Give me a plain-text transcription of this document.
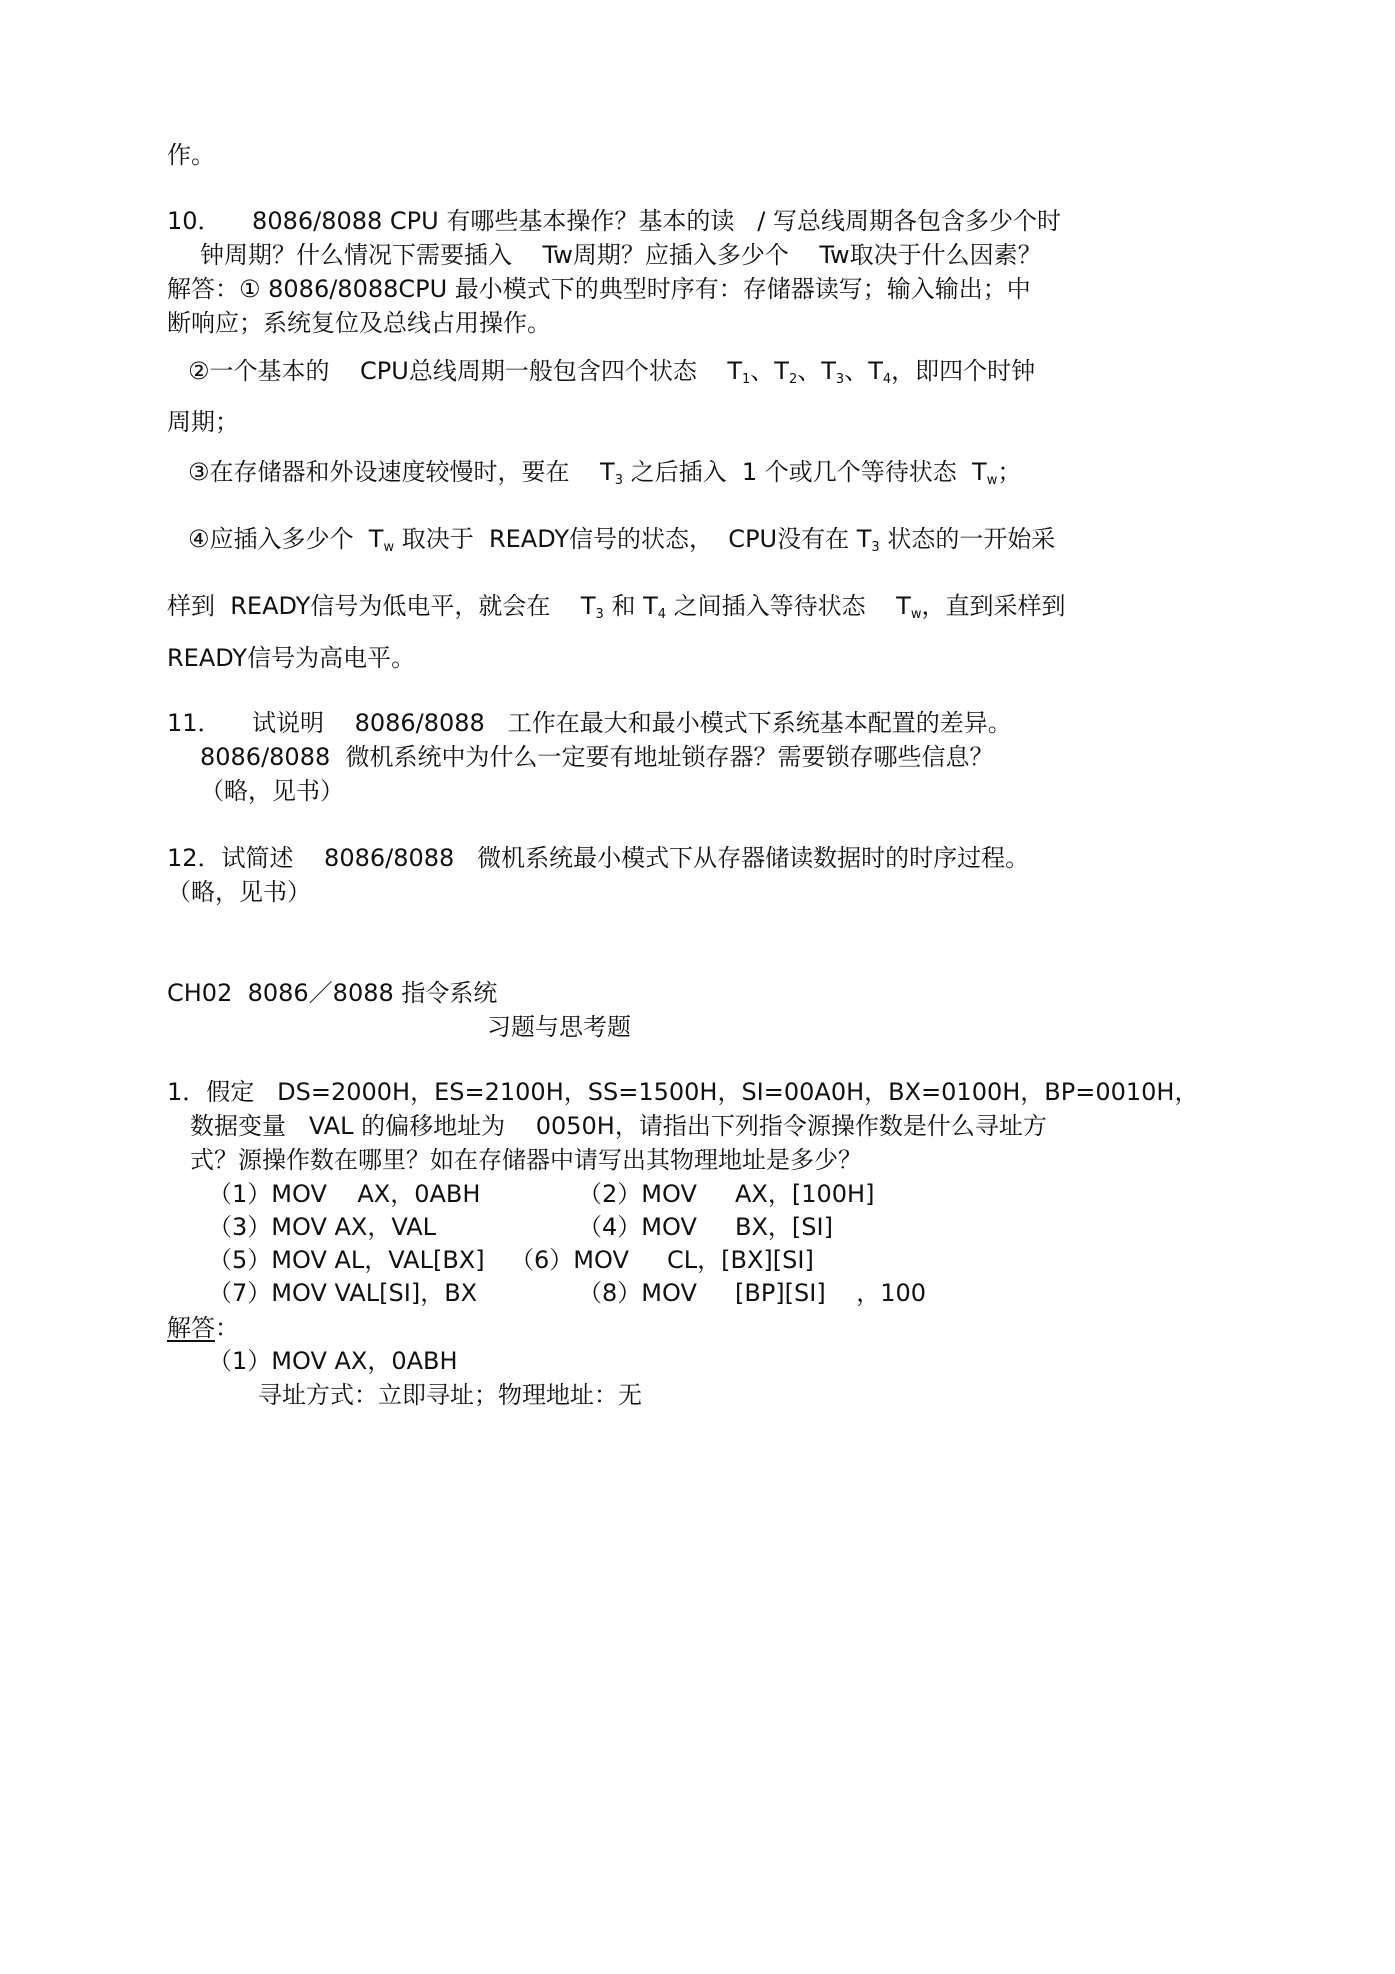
作。
10．    8086/8088 CPU 有哪些基本操作？基本的读   / 写总线周期各包含多少个时
钟周期？什么情况下需要插入    Tw周期？应插入多少个    Tw取决于什么因素？
解答：① 8086/8088CPU 最小模式下的典型时序有：存储器读写；输入输出；中
断响应；系统复位及总线占用操作。
②一个基本的    CPU总线周期一般包含四个状态    $T_1$、$T_2$、$T_3$、$T_4$，即四个时钟
周期；
③在存储器和外设速度较慢时，要在    $T_3$ 之后插入  1 个或几个等待状态  $T_w$；
④应插入多少个  $T_w$ 取决于  READY信号的状态，  CPU没有在 $T_3$ 状态的一开始采
样到  READY信号为低电平，就会在    $T_3$ 和 $T_4$ 之间插入等待状态    $T_w$，直到采样到
READY信号为高电平。
11．    试说明    8086/8088   工作在最大和最小模式下系统基本配置的差异。
8086/8088  微机系统中为什么一定要有地址锁存器？需要锁存哪些信息？
（略，见书）
12．试简述    8086/8088   微机系统最小模式下从存器储读数据时的时序过程。
（略，见书）
CH02  8086／8088 指令系统
习题与思考题
1．假定   DS=2000H，ES=2100H，SS=1500H，SI=00A0H，BX=0100H，BP=0010H，
数据变量   VAL 的偏移地址为    0050H，请指出下列指令源操作数是什么寻址方
式？源操作数在哪里？如在存储器中请写出其物理地址是多少？
（1）MOV    AX，0ABH	（2）MOV     AX，[100H]
（3）MOV AX，VAL	（4）MOV     BX，[SI]
（5）MOV AL，VAL[BX] （6）MOV     CL，[BX][SI]
（7）MOV VAL[SI]，BX	（8）MOV     [BP][SI]    ，100
解答：
（1）MOV AX，0ABH
寻址方式：立即寻址；物理地址：无
